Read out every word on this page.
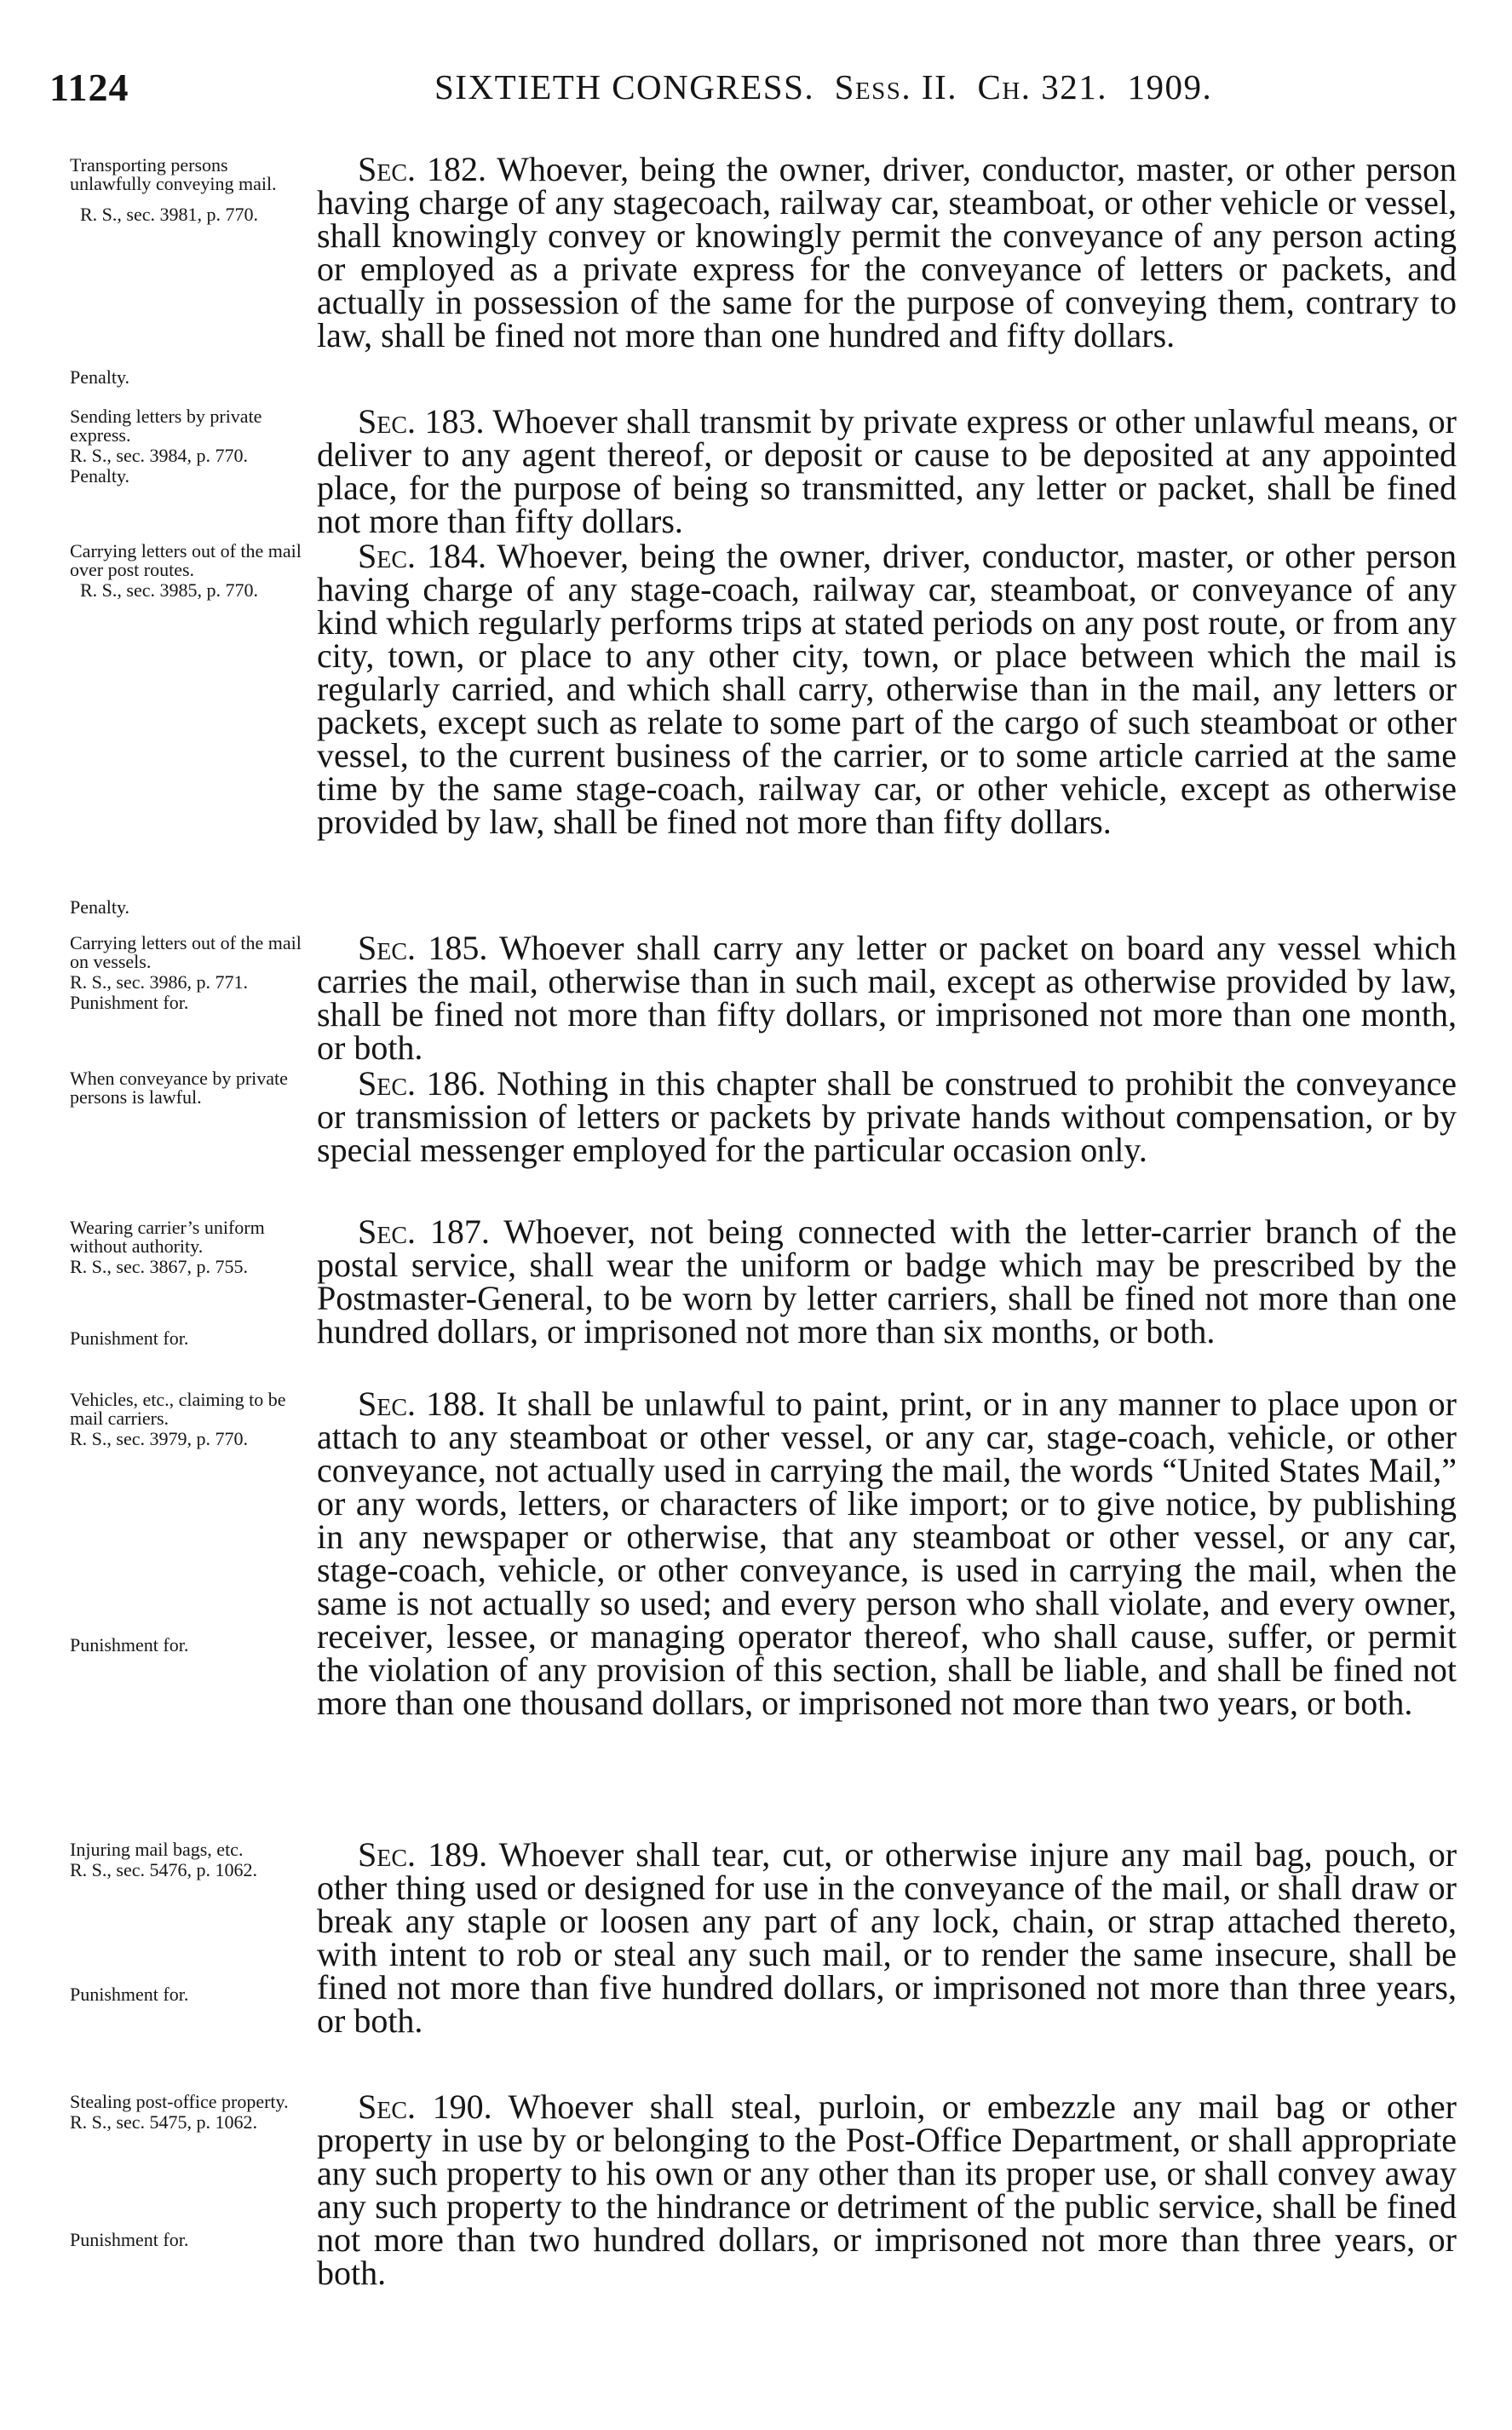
1124	SIXTIETH CONGRESS. Sess. II. Ch. 321. 1909.

Transporting persons unlawfully conveying mail.

R. S., sec. 3981, p. 770.

Penalty.

Sec. 182. Whoever, being the owner, driver, conductor, master, or other person having charge of any stagecoach, railway car, steamboat, or other vehicle or vessel, shall knowingly convey or knowingly permit the conveyance of any person acting or employed as a private express for the conveyance of letters or packets, and actually in possession of the same for the purpose of conveying them, contrary to law, shall be fined not more than one hundred and fifty dollars.

Sending letters by private express.

R. S., sec. 3984, p. 770.

Penalty.

Sec. 183. Whoever shall transmit by private express or other unlawful means, or deliver to any agent thereof, or deposit or cause to be deposited at any appointed place, for the purpose of being so transmitted, any letter or packet, shall be fined not more than fifty dollars.

Carrying letters out of the mail over post routes.

R. S., sec. 3985, p. 770.

Penalty.

Sec. 184. Whoever, being the owner, driver, conductor, master, or other person having charge of any stage-coach, railway car, steamboat, or conveyance of any kind which regularly performs trips at stated periods on any post route, or from any city, town, or place to any other city, town, or place between which the mail is regularly carried, and which shall carry, otherwise than in the mail, any letters or packets, except such as relate to some part of the cargo of such steamboat or other vessel, to the current business of the carrier, or to some article carried at the same time by the same stage-coach, railway car, or other vehicle, except as otherwise provided by law, shall be fined not more than fifty dollars.

Carrying letters out of the mail on vessels.

R. S., sec. 3986, p. 771.

Punishment for.

Sec. 185. Whoever shall carry any letter or packet on board any vessel which carries the mail, otherwise than in such mail, except as otherwise provided by law, shall be fined not more than fifty dollars, or imprisoned not more than one month, or both.

When conveyance by private persons is lawful.	Sec. 186. Nothing in this chapter shall be construed to prohibit the conveyance or transmission of letters or packets by private hands without compensation, or by special messenger employed for the particular occasion only.

Wearing carrier’s uniform without authority.

R. S., sec. 3867, p. 755.

Punishment for.

Sec. 187. Whoever, not being connected with the letter-carrier branch of the postal service, shall wear the uniform or badge which may be prescribed by the Postmaster-General, to be worn by letter carriers, shall be fined not more than one hundred dollars, or imprisoned not more than six months, or both.

Vehicles, etc., claiming to be mail carriers.

R. S., sec. 3979, p. 770.

Punishment for.

Sec. 188. It shall be unlawful to paint, print, or in any manner to place upon or attach to any steamboat or other vessel, or any car, stage-coach, vehicle, or other conveyance, not actually used in carrying the mail, the words “United States Mail,” or any words, letters, or characters of like import; or to give notice, by publishing in any newspaper or otherwise, that any steamboat or other vessel, or any car, stage-coach, vehicle, or other conveyance, is used in carrying the mail, when the same is not actually so used; and every person who shall violate, and every owner, receiver, lessee, or managing operator thereof, who shall cause, suffer, or permit the violation of any provision of this section, shall be liable, and shall be fined not more than one thousand dollars, or imprisoned not more than two years, or both.

Injuring mail bags, etc.

R. S., sec. 5476, p. 1062.

Punishment for.

Sec. 189. Whoever shall tear, cut, or otherwise injure any mail bag, pouch, or other thing used or designed for use in the conveyance of the mail, or shall draw or break any staple or loosen any part of any lock, chain, or strap attached thereto, with intent to rob or steal any such mail, or to render the same insecure, shall be fined not more than five hundred dollars, or imprisoned not more than three years, or both.

Stealing post-office property.

R. S., sec. 5475, p. 1062.

Punishment for.

Sec. 190. Whoever shall steal, purloin, or embezzle any mail bag or other property in use by or belonging to the Post-Office Department, or shall appropriate any such property to his own or any other than its proper use, or shall convey away any such property to the hindrance or detriment of the public service, shall be fined not more than two hundred dollars, or imprisoned not more than three years, or both.
